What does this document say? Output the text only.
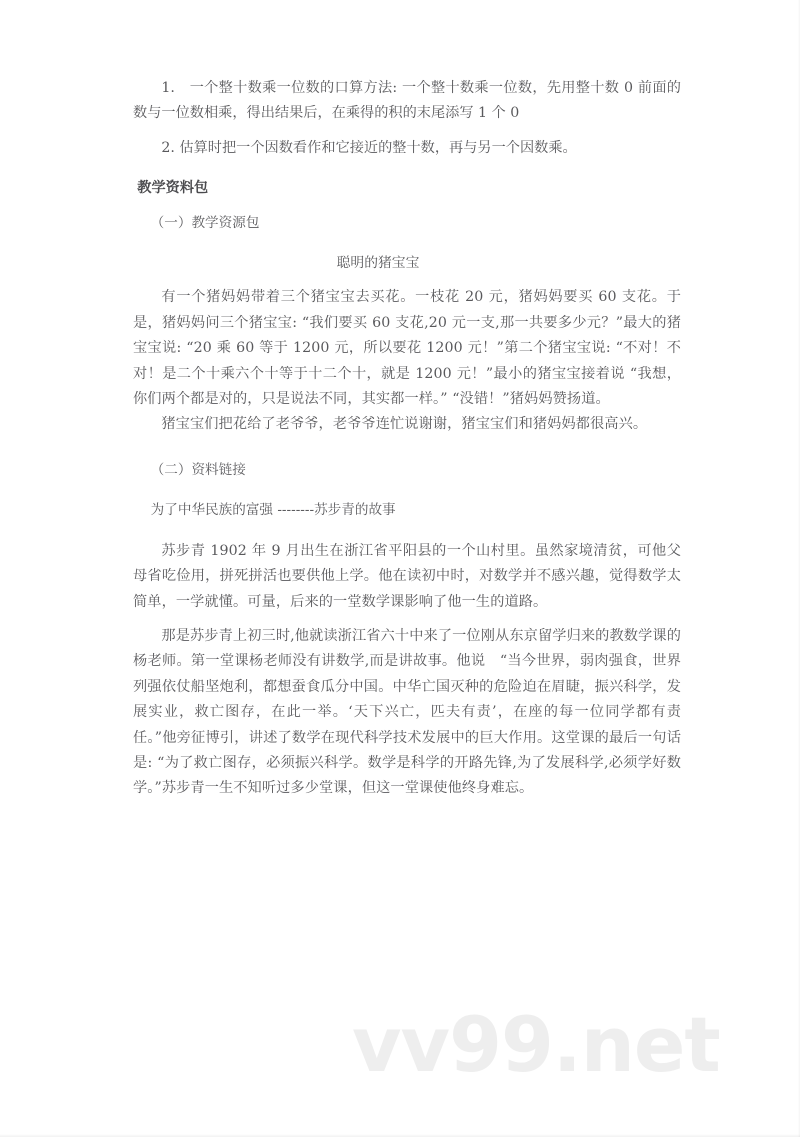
1.　一个整十数乘一位数的口算方法: 一个整十数乘一位数，先用整十数 0 前面的数与一位数相乘，得出结果后，在乘得的积的末尾添写 1 个 0

2. 估算时把一个因数看作和它接近的整十数，再与另一个因数乘。

教学资料包

（一）教学资源包

聪明的猪宝宝

有一个猪妈妈带着三个猪宝宝去买花。一枝花 20 元，猪妈妈要买 60 支花。于是，猪妈妈问三个猪宝宝: “我们要买 60 支花,20 元一支,那一共要多少元？”最大的猪宝宝说: “20 乘 60 等于 1200 元，所以要花 1200 元！”第二个猪宝宝说: “不对！不对！是二个十乘六个十等于十二个十，就是 1200 元！”最小的猪宝宝接着说 “我想，你们两个都是对的，只是说法不同，其实都一样。” “没错！”猪妈妈赞扬道。

猪宝宝们把花给了老爷爷，老爷爷连忙说谢谢，猪宝宝们和猪妈妈都很高兴。

（二）资料链接

为了中华民族的富强 --------苏步青的故事

苏步青 1902 年 9 月出生在浙江省平阳县的一个山村里。虽然家境清贫，可他父母省吃俭用，拼死拼活也要供他上学。他在读初中时，对数学并不感兴趣，觉得数学太简单，一学就懂。可量，后来的一堂数学课影响了他一生的道路。

那是苏步青上初三时,他就读浙江省六十中来了一位刚从东京留学归来的教数学课的杨老师。第一堂课杨老师没有讲数学,而是讲故事。他说　“当今世界，弱肉强食，世界列强依仗船坚炮利，都想蚕食瓜分中国。中华亡国灭种的危险迫在眉睫，振兴科学，发展实业，救亡图存，在此一举。‘天下兴亡，匹夫有责’，在座的每一位同学都有责任。”他旁征博引，讲述了数学在现代科学技术发展中的巨大作用。这堂课的最后一句话是: “为了救亡图存，必须振兴科学。数学是科学的开路先锋,为了发展科学,必须学好数学。”苏步青一生不知听过多少堂课，但这一堂课使他终身难忘。

vv99.net
